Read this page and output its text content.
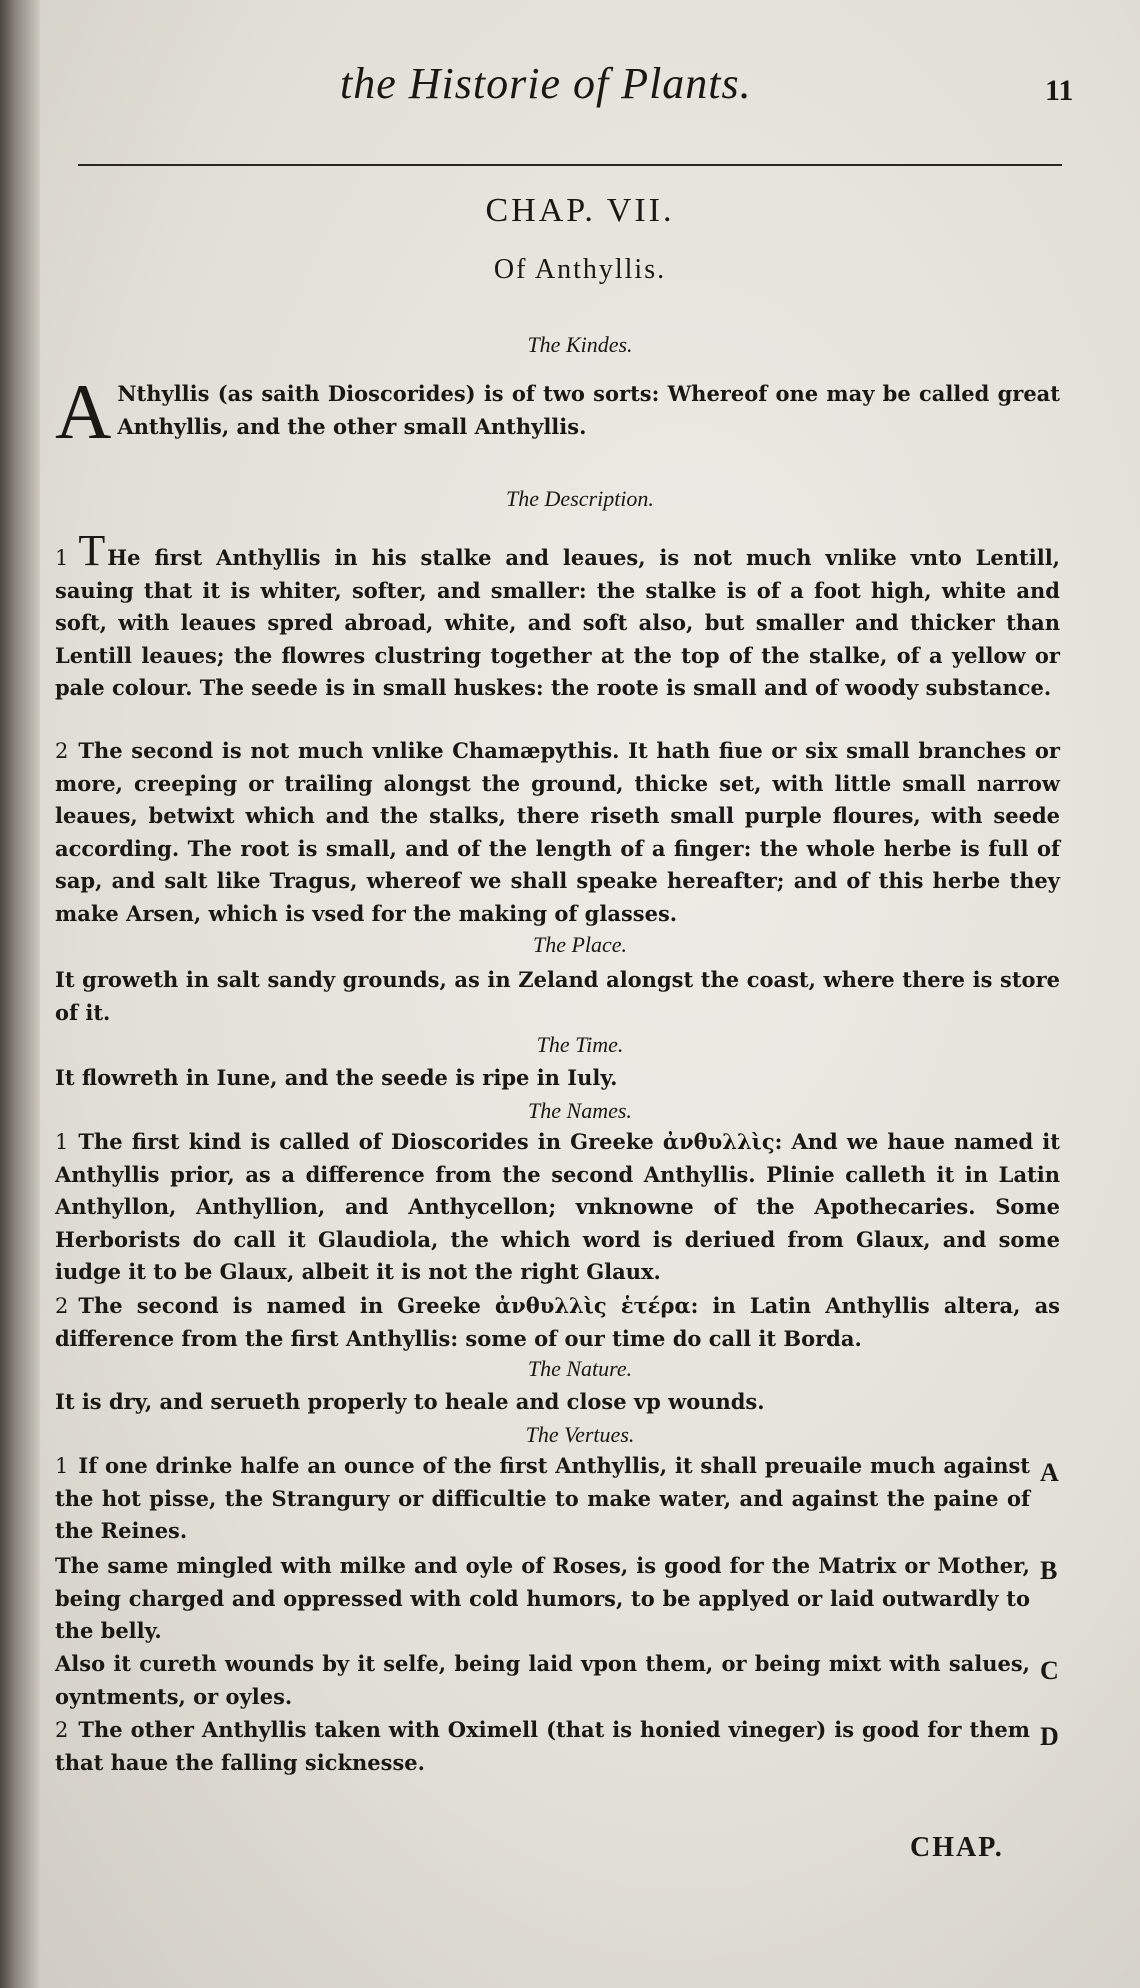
the Historie of Plants.	11
CHAP. VII.
Of Anthyllis.
The Kindes.
A Nthyllis (as saith Dioscorides) is of two sorts: Whereof one may be called great Anthyllis, and the other small Anthyllis.
The Description.
1 THe first Anthyllis in his stalke and leaues, is not much vnlike vnto Lentill, sauing that it is whiter, softer, and smaller: the stalke is of a foot high, white and soft, with leaues spred abroad, white, and soft also, but smaller and thicker than Lentill leaues; the flowres clustring together at the top of the stalke, of a yellow or pale colour. The seede is in small huskes: the roote is small and of woody substance.
2 The second is not much vnlike Chamæpythis. It hath fiue or six small branches or more, creeping or trailing alongst the ground, thicke set, with little small narrow leaues, betwixt which and the stalks, there riseth small purple floures, with seede according. The root is small, and of the length of a finger: the whole herbe is full of sap, and salt like Tragus, whereof we shall speake hereafter; and of this herbe they make Arsen, which is vsed for the making of glasses.
The Place.
It groweth in salt sandy grounds, as in Zeland alongst the coast, where there is store of it.
The Time.
It flowreth in Iune, and the seede is ripe in Iuly.
The Names.
1 The first kind is called of Dioscorides in Greeke ἀνθυλλὶς: And we haue named it Anthyllis prior, as a difference from the second Anthyllis. Plinie calleth it in Latin Anthyllon, Anthyllion, and Anthycellon; vnknowne of the Apothecaries. Some Herborists do call it Glaudiola, the which word is deriued from Glaux, and some iudge it to be Glaux, albeit it is not the right Glaux.
2 The second is named in Greeke ἀνθυλλὶς ἑτέρα: in Latin Anthyllis altera, as difference from the first Anthyllis: some of our time do call it Borda.
The Nature.
It is dry, and serueth properly to heale and close vp wounds.
The Vertues.
1 If one drinke halfe an ounce of the first Anthyllis, it shall preuaile much against the hot pisse, the Strangury or difficultie to make water, and against the paine of the Reines.
The same mingled with milke and oyle of Roses, is good for the Matrix or Mother, being charged and oppressed with cold humors, to be applyed or laid outwardly to the belly.
Also it cureth wounds by it selfe, being laid vpon them, or being mixt with salues, oyntments, or oyles.
2 The other Anthyllis taken with Oximell (that is honied vineger) is good for them that haue the falling sicknesse.
A
B
C
D
CHAP.
